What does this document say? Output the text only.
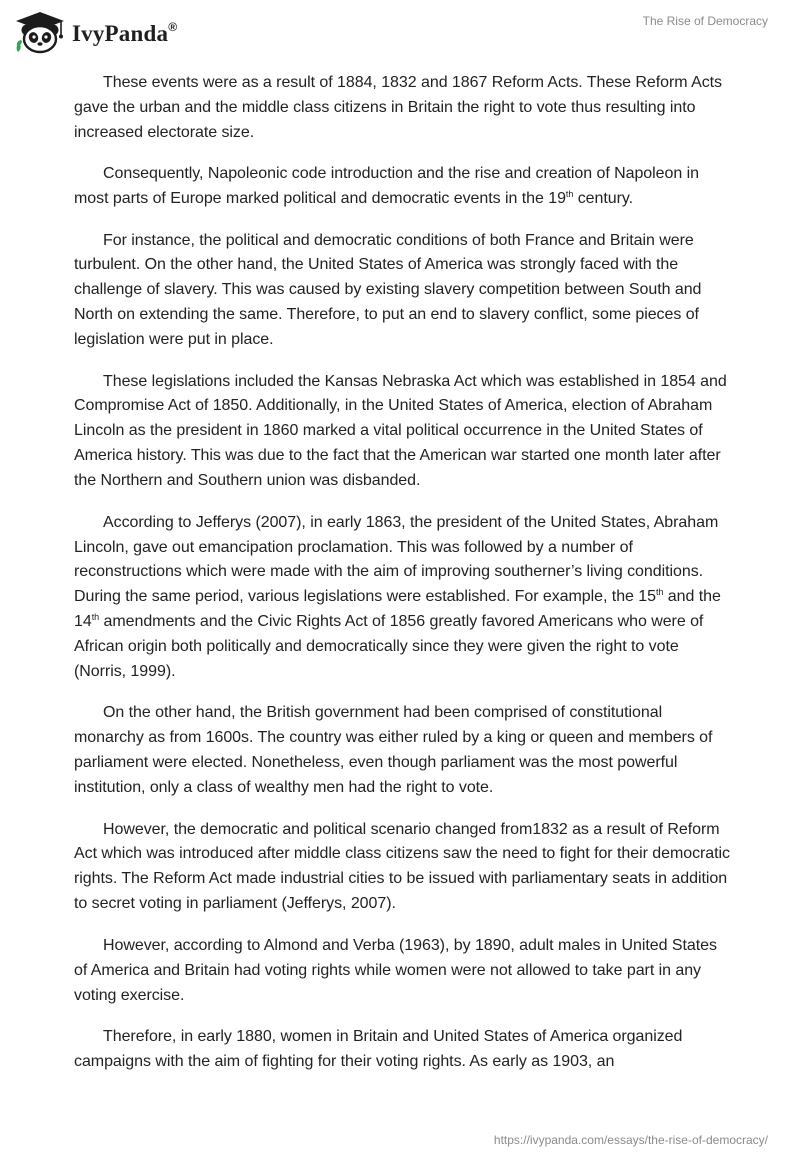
IvyPanda®	The Rise of Democracy

These events were as a result of 1884, 1832 and 1867 Reform Acts. These Reform Acts gave the urban and the middle class citizens in Britain the right to vote thus resulting into increased electorate size.

Consequently, Napoleonic code introduction and the rise and creation of Napoleon in most parts of Europe marked political and democratic events in the 19th century.

For instance, the political and democratic conditions of both France and Britain were turbulent. On the other hand, the United States of America was strongly faced with the challenge of slavery. This was caused by existing slavery competition between South and North on extending the same. Therefore, to put an end to slavery conflict, some pieces of legislation were put in place.

These legislations included the Kansas Nebraska Act which was established in 1854 and Compromise Act of 1850. Additionally, in the United States of America, election of Abraham Lincoln as the president in 1860 marked a vital political occurrence in the United States of America history. This was due to the fact that the American war started one month later after the Northern and Southern union was disbanded.

According to Jefferys (2007), in early 1863, the president of the United States, Abraham Lincoln, gave out emancipation proclamation. This was followed by a number of reconstructions which were made with the aim of improving southerner’s living conditions. During the same period, various legislations were established. For example, the 15th and the 14th amendments and the Civic Rights Act of 1856 greatly favored Americans who were of African origin both politically and democratically since they were given the right to vote (Norris, 1999).

On the other hand, the British government had been comprised of constitutional monarchy as from 1600s. The country was either ruled by a king or queen and members of parliament were elected. Nonetheless, even though parliament was the most powerful institution, only a class of wealthy men had the right to vote.

However, the democratic and political scenario changed from1832 as a result of Reform Act which was introduced after middle class citizens saw the need to fight for their democratic rights. The Reform Act made industrial cities to be issued with parliamentary seats in addition to secret voting in parliament (Jefferys, 2007).

However, according to Almond and Verba (1963), by 1890, adult males in United States of America and Britain had voting rights while women were not allowed to take part in any voting exercise.

Therefore, in early 1880, women in Britain and United States of America organized campaigns with the aim of fighting for their voting rights. As early as 1903, an

https://ivypanda.com/essays/the-rise-of-democracy/
